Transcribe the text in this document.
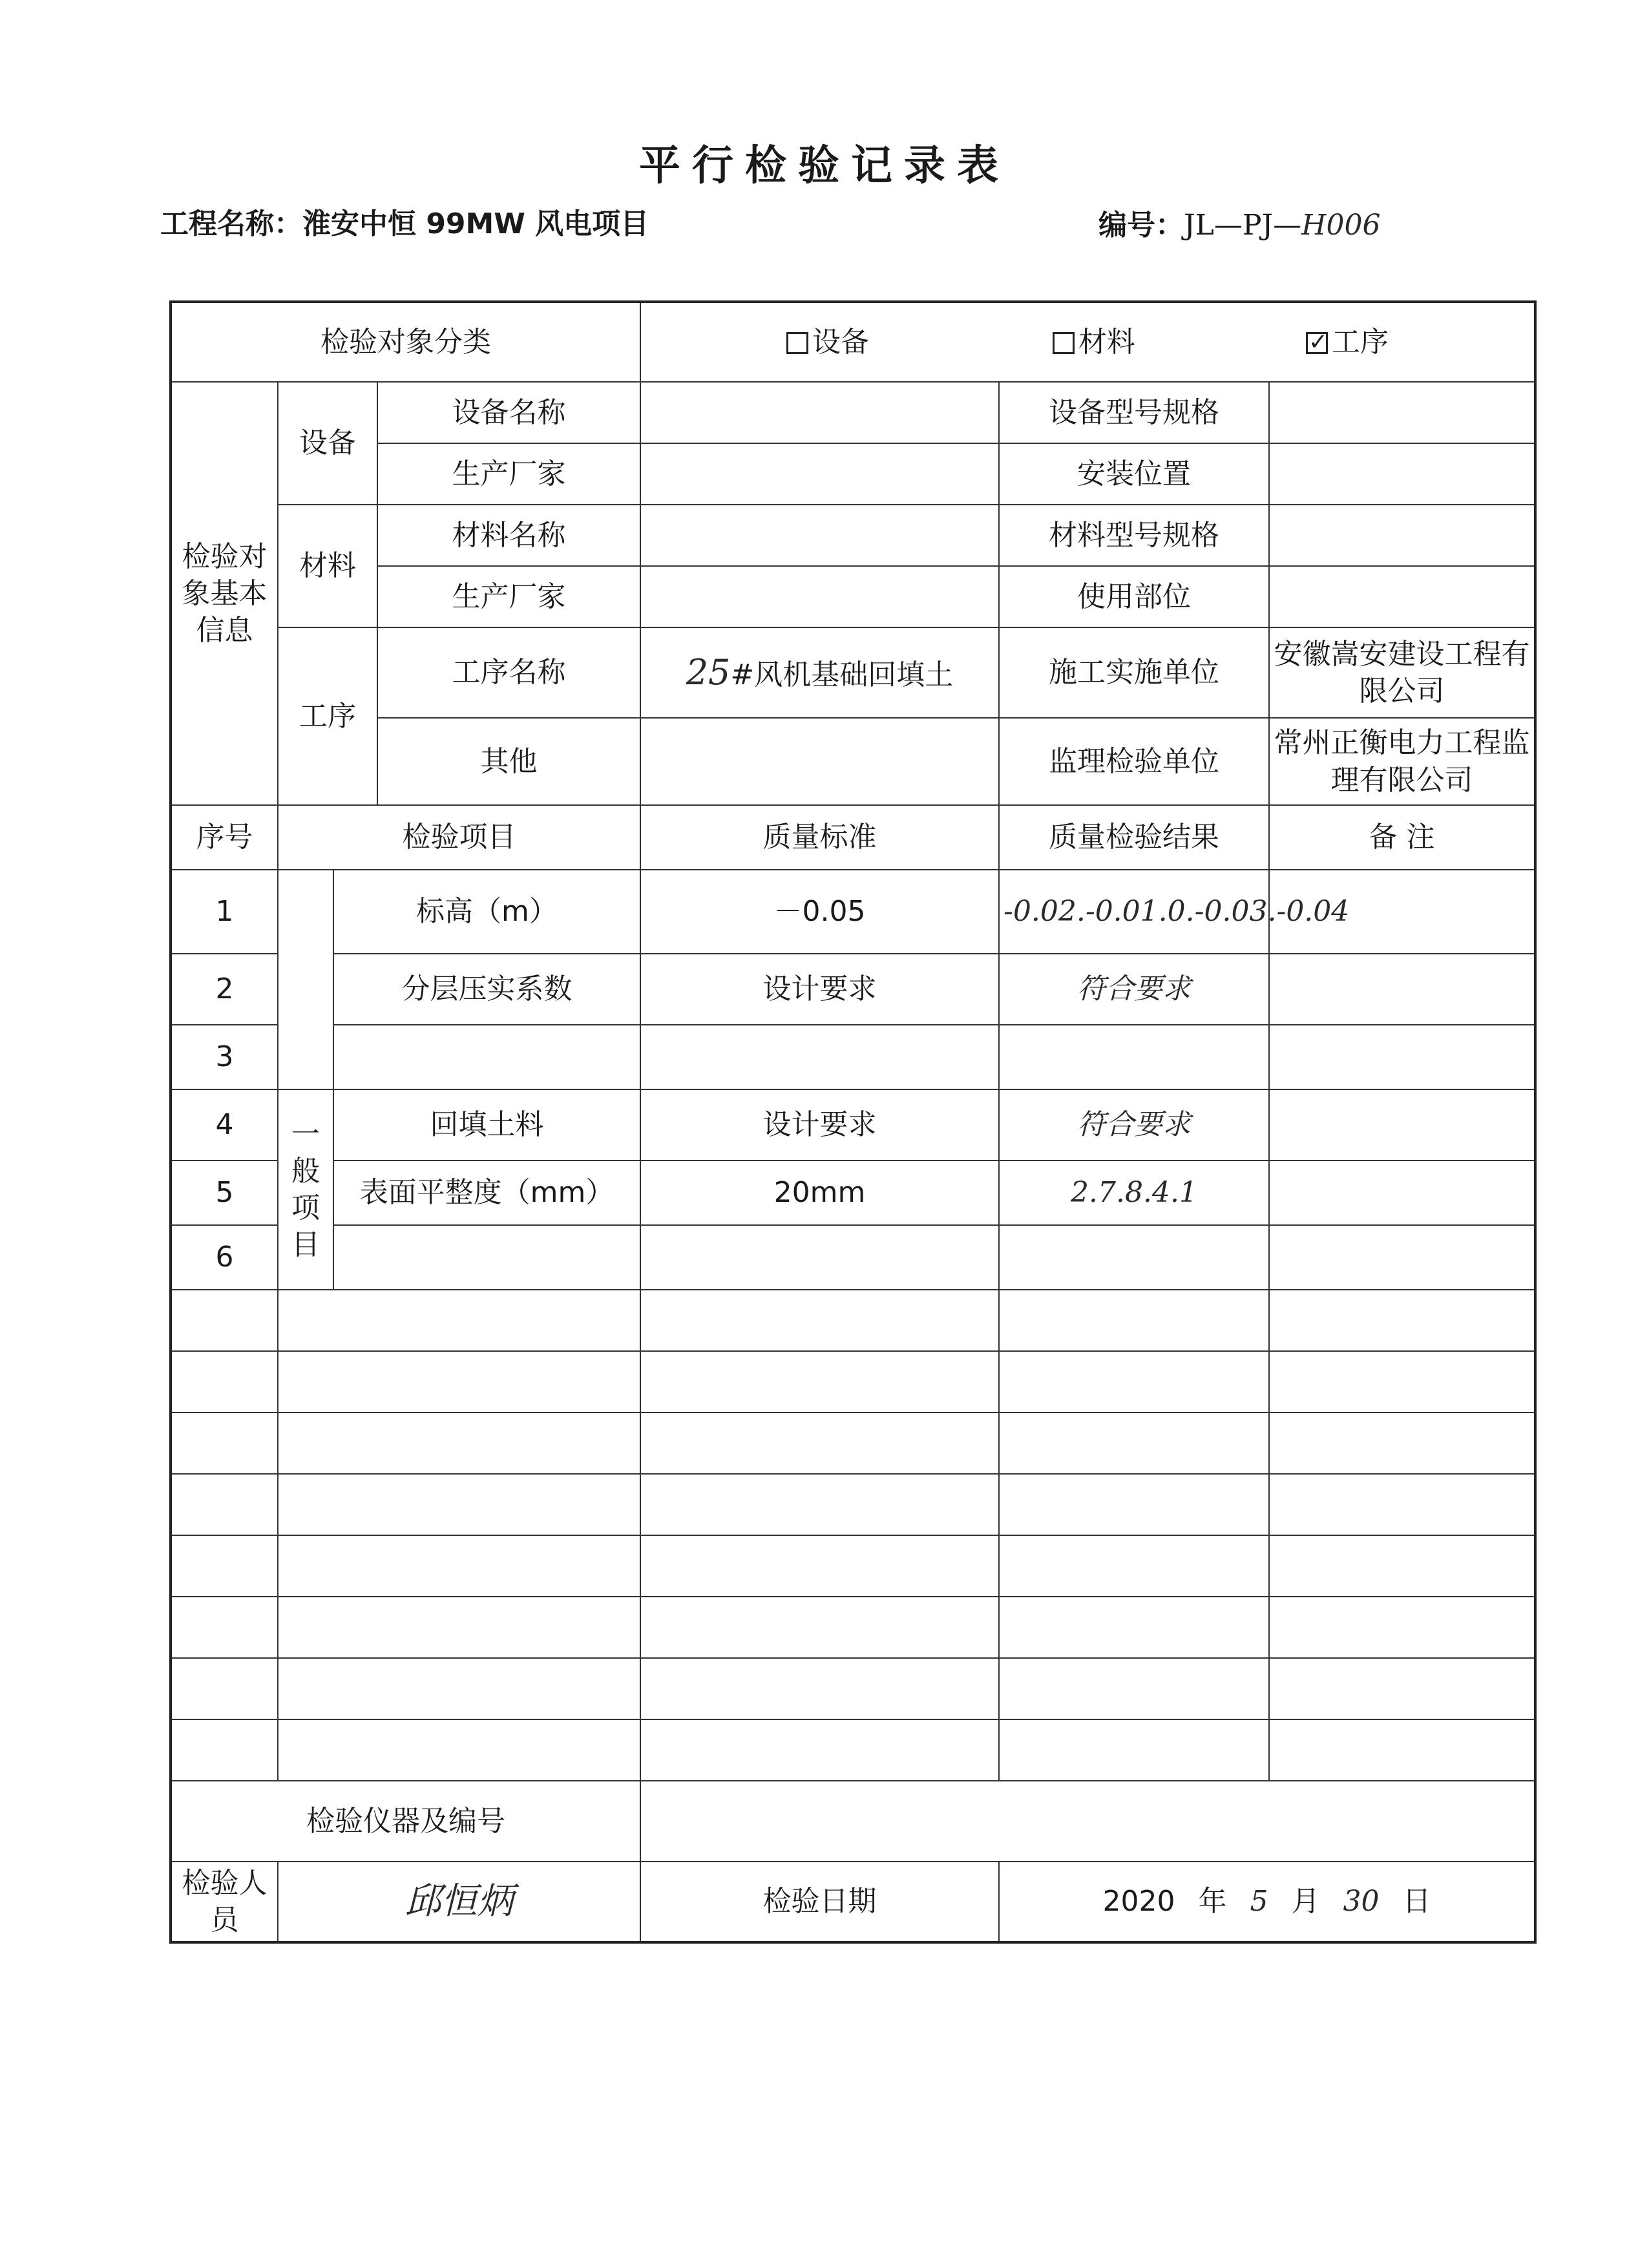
平行检验记录表
工程名称：淮安中恒 99MW 风电项目	编号：JL—PJ—H006
检验对象分类				设备 材料 ✓ 工序
检验对象基本信息	设备		设备名称		设备型号规格	
			生产厂家		安装位置	
	材料		材料名称		材料型号规格	
			生产厂家		使用部位	
	工序		工序名称	25#风机基础回填土	施工实施单位	安徽嵩安建设工程有限公司
			其他		监理检验单位	常州正衡电力工程监理有限公司
序号	检验项目			质量标准	质量检验结果	备 注
1		标高（m）		－0.05	-0.02.-0.01.0.-0.03.-0.04	
2		分层压实系数		设计要求	符合要求	
3						
4	一般项目	回填土料		设计要求	符合要求	
5		表面平整度（mm）		20mm	2.7.8.4.1	
6						

检验仪器及编号						
检验人员	邱恒炳			检验日期	2020 年 5 月 30 日	
